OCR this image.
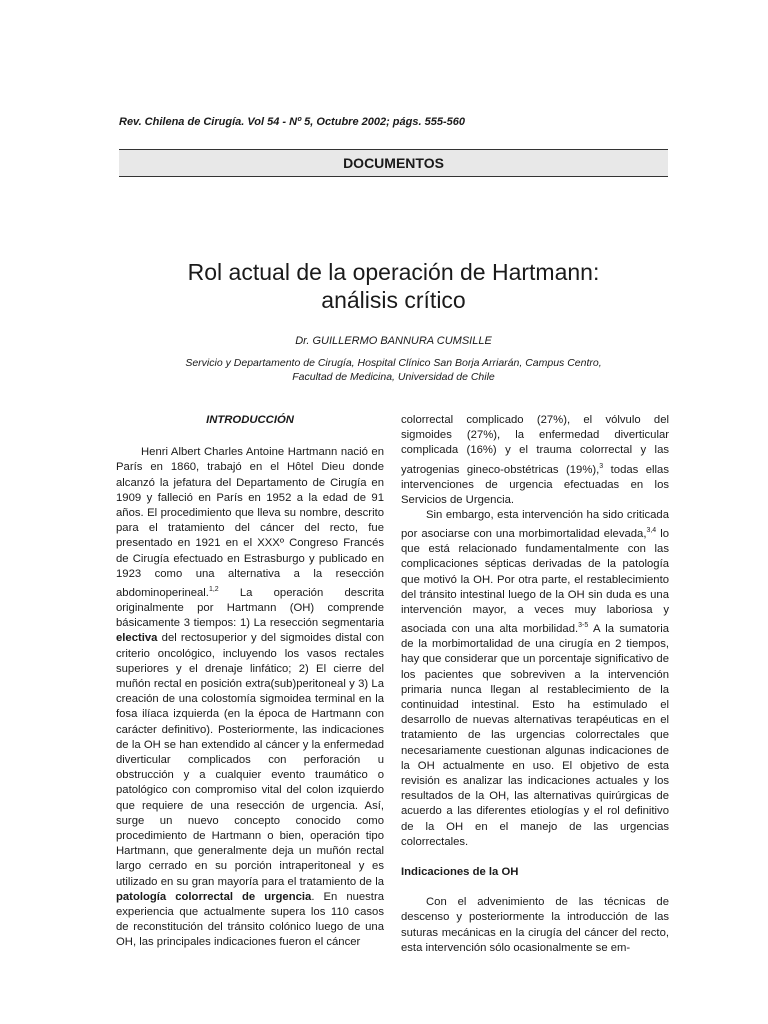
Rev. Chilena de Cirugía. Vol 54 - Nº 5, Octubre 2002; págs. 555-560
DOCUMENTOS
Rol actual de la operación de Hartmann:
análisis crítico
Dr. GUILLERMO BANNURA CUMSILLE
Servicio y Departamento de Cirugía, Hospital Clínico San Borja Arriarán, Campus Centro,
Facultad de Medicina, Universidad de Chile
INTRODUCCIÓN

Henri Albert Charles Antoine Hartmann nació en París en 1860, trabajó en el Hôtel Dieu donde alcanzó la jefatura del Departamento de Cirugía en 1909 y falleció en París en 1952 a la edad de 91 años. El procedimiento que lleva su nombre, descrito para el tratamiento del cáncer del recto, fue presentado en 1921 en el XXXº Congreso Francés de Cirugía efectuado en Estrasburgo y publicado en 1923 como una alternativa a la resección abdominoperineal.$^{1,2}$ La operación descrita originalmente por Hartmann (OH) comprende básicamente 3 tiempos: 1) La resección segmentaria electiva del rectosuperior y del sigmoides distal con criterio oncológico, incluyendo los vasos rectales superiores y el drenaje linfático; 2) El cierre del muñón rectal en posición extra(sub)peritoneal y 3) La creación de una colostomía sigmoidea terminal en la fosa ilíaca izquierda (en la época de Hartmann con carácter definitivo). Posteriormente, las indicaciones de la OH se han extendido al cáncer y la enfermedad diverticular complicados con perforación u obstrucción y a cualquier evento traumático o patológico con compromiso vital del colon izquierdo que requiere de una resección de urgencia. Así, surge un nuevo concepto conocido como procedimiento de Hartmann o bien, operación tipo Hartmann, que generalmente deja un muñón rectal largo cerrado en su porción intraperitoneal y es utilizado en su gran mayoría para el tratamiento de la patología colorrectal de urgencia. En nuestra experiencia que actualmente supera los 110 casos de reconstitución del tránsito colónico luego de una OH, las principales indicaciones fueron el cáncer

colorrectal complicado (27%), el vólvulo del sigmoides (27%), la enfermedad diverticular complicada (16%) y el trauma colorrectal y las yatrogenias gineco-obstétricas (19%),$^3$ todas ellas intervenciones de urgencia efectuadas en los Servicios de Urgencia.

Sin embargo, esta intervención ha sido criticada por asociarse con una morbimortalidad elevada,$^{3,4}$ lo que está relacionado fundamentalmente con las complicaciones sépticas derivadas de la patología que motivó la OH. Por otra parte, el restablecimiento del tránsito intestinal luego de la OH sin duda es una intervención mayor, a veces muy laboriosa y asociada con una alta morbilidad.$^{3-5}$ A la sumatoria de la morbimortalidad de una cirugía en 2 tiempos, hay que considerar que un porcentaje significativo de los pacientes que sobreviven a la intervención primaria nunca llegan al restablecimiento de la continuidad intestinal. Esto ha estimulado el desarrollo de nuevas alternativas terapéuticas en el tratamiento de las urgencias colorrectales que necesariamente cuestionan algunas indicaciones de la OH actualmente en uso. El objetivo de esta revisión es analizar las indicaciones actuales y los resultados de la OH, las alternativas quirúrgicas de acuerdo a las diferentes etiologías y el rol definitivo de la OH en el manejo de las urgencias colorrectales.

Indicaciones de la OH

Con el advenimiento de las técnicas de descenso y posteriormente la introducción de las suturas mecánicas en la cirugía del cáncer del recto, esta intervención sólo ocasionalmente se em-
